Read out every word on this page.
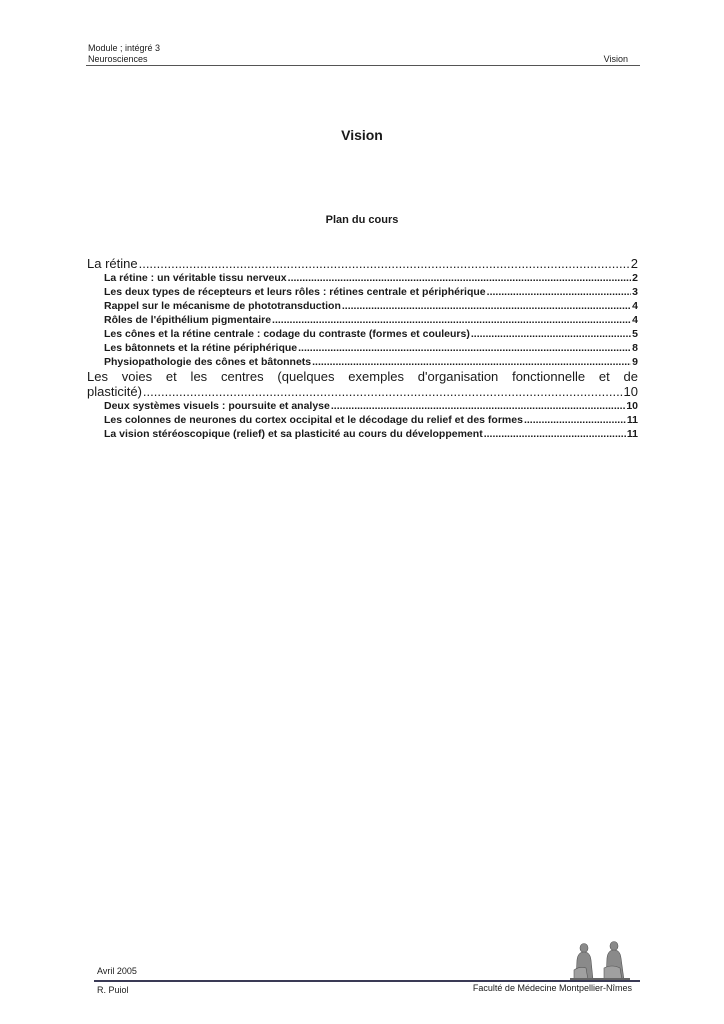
Module ; intégré 3
Neurosciences	Vision
Vision
Plan du cours
La rétine .....	2
La rétine : un véritable tissu nerveux .....	2
Les deux types de récepteurs et leurs rôles : rétines centrale et périphérique .....	3
Rappel sur le mécanisme de phototransduction .....	4
Rôles de l'épithélium pigmentaire .....	4
Les cônes et la rétine centrale : codage du contraste (formes et couleurs) .....	5
Les bâtonnets et la rétine périphérique .....	8
Physiopathologie des cônes et bâtonnets .....	9
Les voies et les centres (quelques exemples d'organisation fonctionnelle et de
plasticité) .....	10
Deux systèmes visuels : poursuite et analyse .....	10
Les colonnes de neurones du cortex occipital et le décodage du relief et des formes .....	11
La vision stéréoscopique (relief) et sa plasticité au cours du développement .....	11
Avril 2005
R. Puiol	Faculté de Médecine Montpellier-Nîmes
